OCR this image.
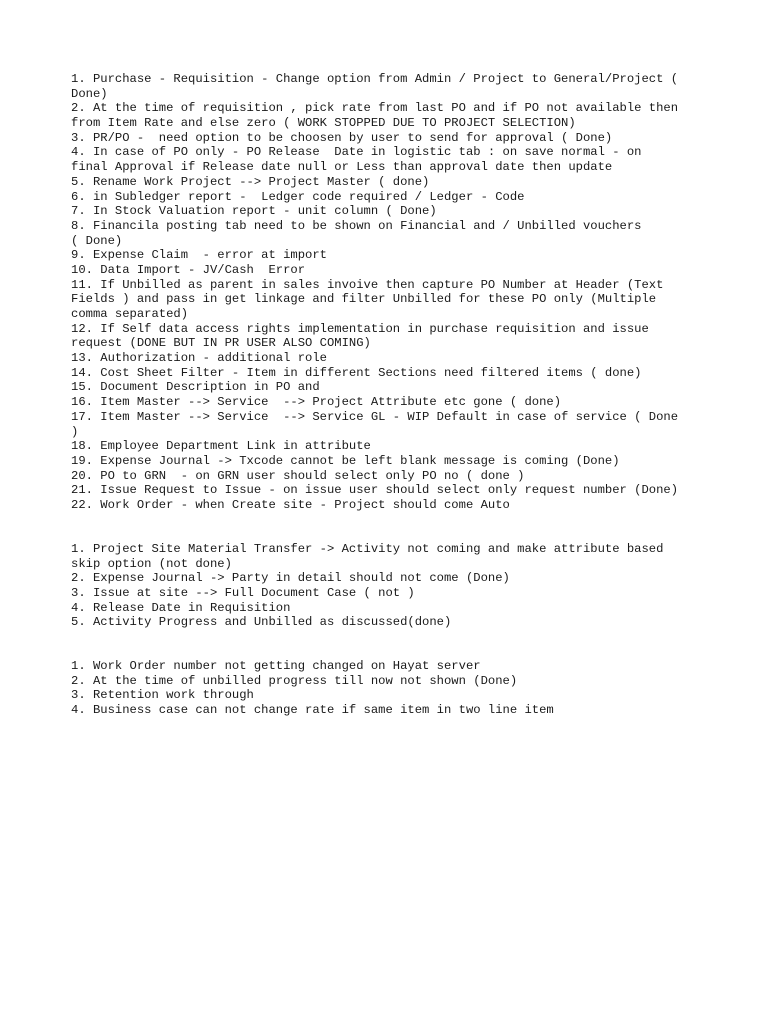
1. Purchase - Requisition - Change option from Admin / Project to General/Project (
Done)
2. At the time of requisition , pick rate from last PO and if PO not available then
from Item Rate and else zero ( WORK STOPPED DUE TO PROJECT SELECTION)
3. PR/PO -  need option to be choosen by user to send for approval ( Done)
4. In case of PO only - PO Release  Date in logistic tab : on save normal - on
final Approval if Release date null or Less than approval date then update
5. Rename Work Project --> Project Master ( done)
6. in Subledger report -  Ledger code required / Ledger - Code
7. In Stock Valuation report - unit column ( Done)
8. Financila posting tab need to be shown on Financial and / Unbilled vouchers
( Done)
9. Expense Claim  - error at import
10. Data Import - JV/Cash  Error
11. If Unbilled as parent in sales invoive then capture PO Number at Header (Text
Fields ) and pass in get linkage and filter Unbilled for these PO only (Multiple
comma separated)
12. If Self data access rights implementation in purchase requisition and issue
request (DONE BUT IN PR USER ALSO COMING)
13. Authorization - additional role
14. Cost Sheet Filter - Item in different Sections need filtered items ( done)
15. Document Description in PO and
16. Item Master --> Service  --> Project Attribute etc gone ( done)
17. Item Master --> Service  --> Service GL - WIP Default in case of service ( Done
)
18. Employee Department Link in attribute
19. Expense Journal -> Txcode cannot be left blank message is coming (Done)
20. PO to GRN  - on GRN user should select only PO no ( done )
21. Issue Request to Issue - on issue user should select only request number (Done)
22. Work Order - when Create site - Project should come Auto
1. Project Site Material Transfer -> Activity not coming and make attribute based
skip option (not done)
2. Expense Journal -> Party in detail should not come (Done)
3. Issue at site --> Full Document Case ( not )
4. Release Date in Requisition
5. Activity Progress and Unbilled as discussed(done)
1. Work Order number not getting changed on Hayat server
2. At the time of unbilled progress till now not shown (Done)
3. Retention work through
4. Business case can not change rate if same item in two line item
